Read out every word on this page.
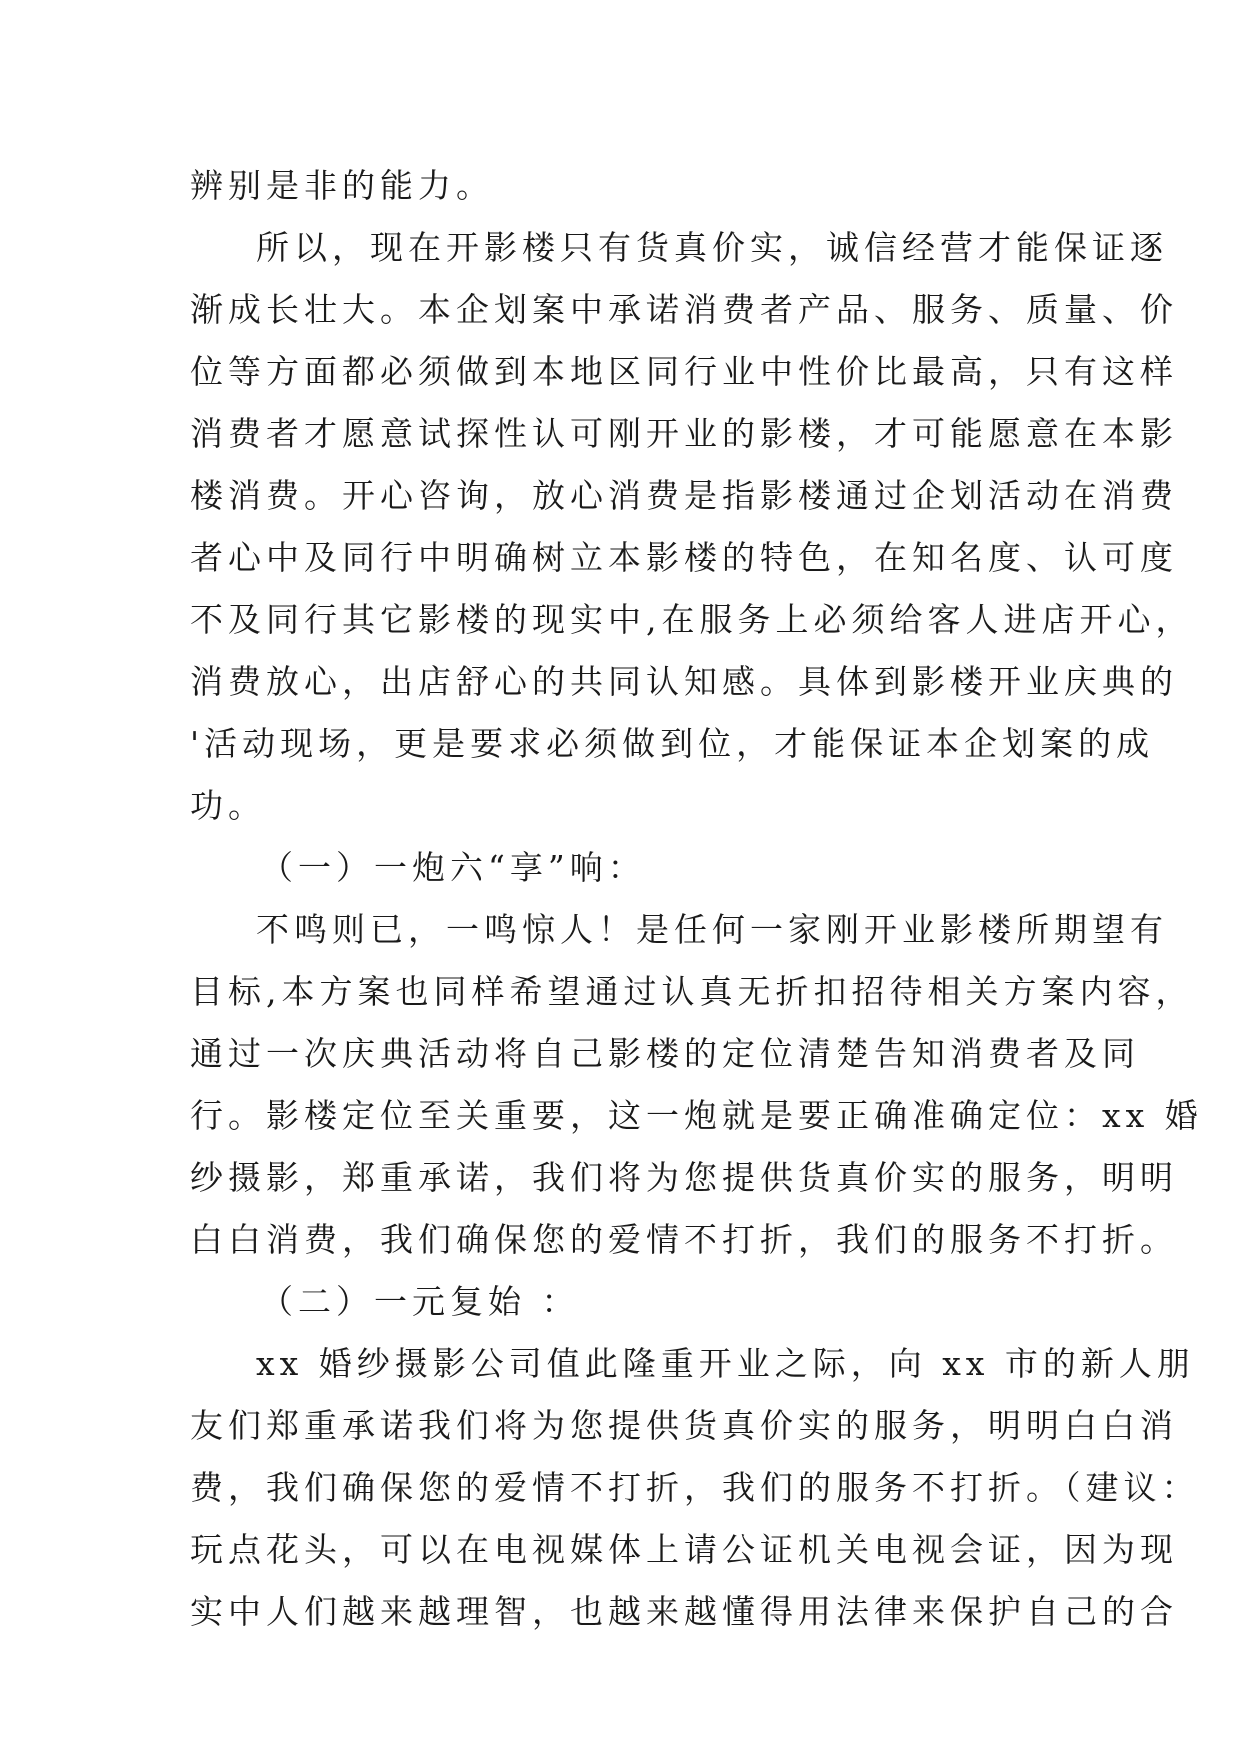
辨别是非的能力。
所以，现在开影楼只有货真价实，诚信经营才能保证逐
渐成长壮大。本企划案中承诺消费者产品、服务、质量、价
位等方面都必须做到本地区同行业中性价比最高，只有这样
消费者才愿意试探性认可刚开业的影楼，才可能愿意在本影
楼消费。开心咨询，放心消费是指影楼通过企划活动在消费
者心中及同行中明确树立本影楼的特色，在知名度、认可度
不及同行其它影楼的现实中,在服务上必须给客人进店开心，
消费放心，出店舒心的共同认知感。具体到影楼开业庆典的
'活动现场，更是要求必须做到位，才能保证本企划案的成
功。
（一）一炮六“享”响：
不鸣则已，一鸣惊人！是任何一家刚开业影楼所期望有
目标,本方案也同样希望通过认真无折扣招待相关方案内容，
通过一次庆典活动将自己影楼的定位清楚告知消费者及同
行。影楼定位至关重要，这一炮就是要正确准确定位：xx 婚
纱摄影，郑重承诺，我们将为您提供货真价实的服务，明明
白白消费，我们确保您的爱情不打折，我们的服务不打折。
（二）一元复始 ：
xx 婚纱摄影公司值此隆重开业之际，向 xx 市的新人朋
友们郑重承诺我们将为您提供货真价实的服务，明明白白消
费，我们确保您的爱情不打折，我们的服务不打折。（建议：
玩点花头，可以在电视媒体上请公证机关电视会证，因为现
实中人们越来越理智，也越来越懂得用法律来保护自己的合
